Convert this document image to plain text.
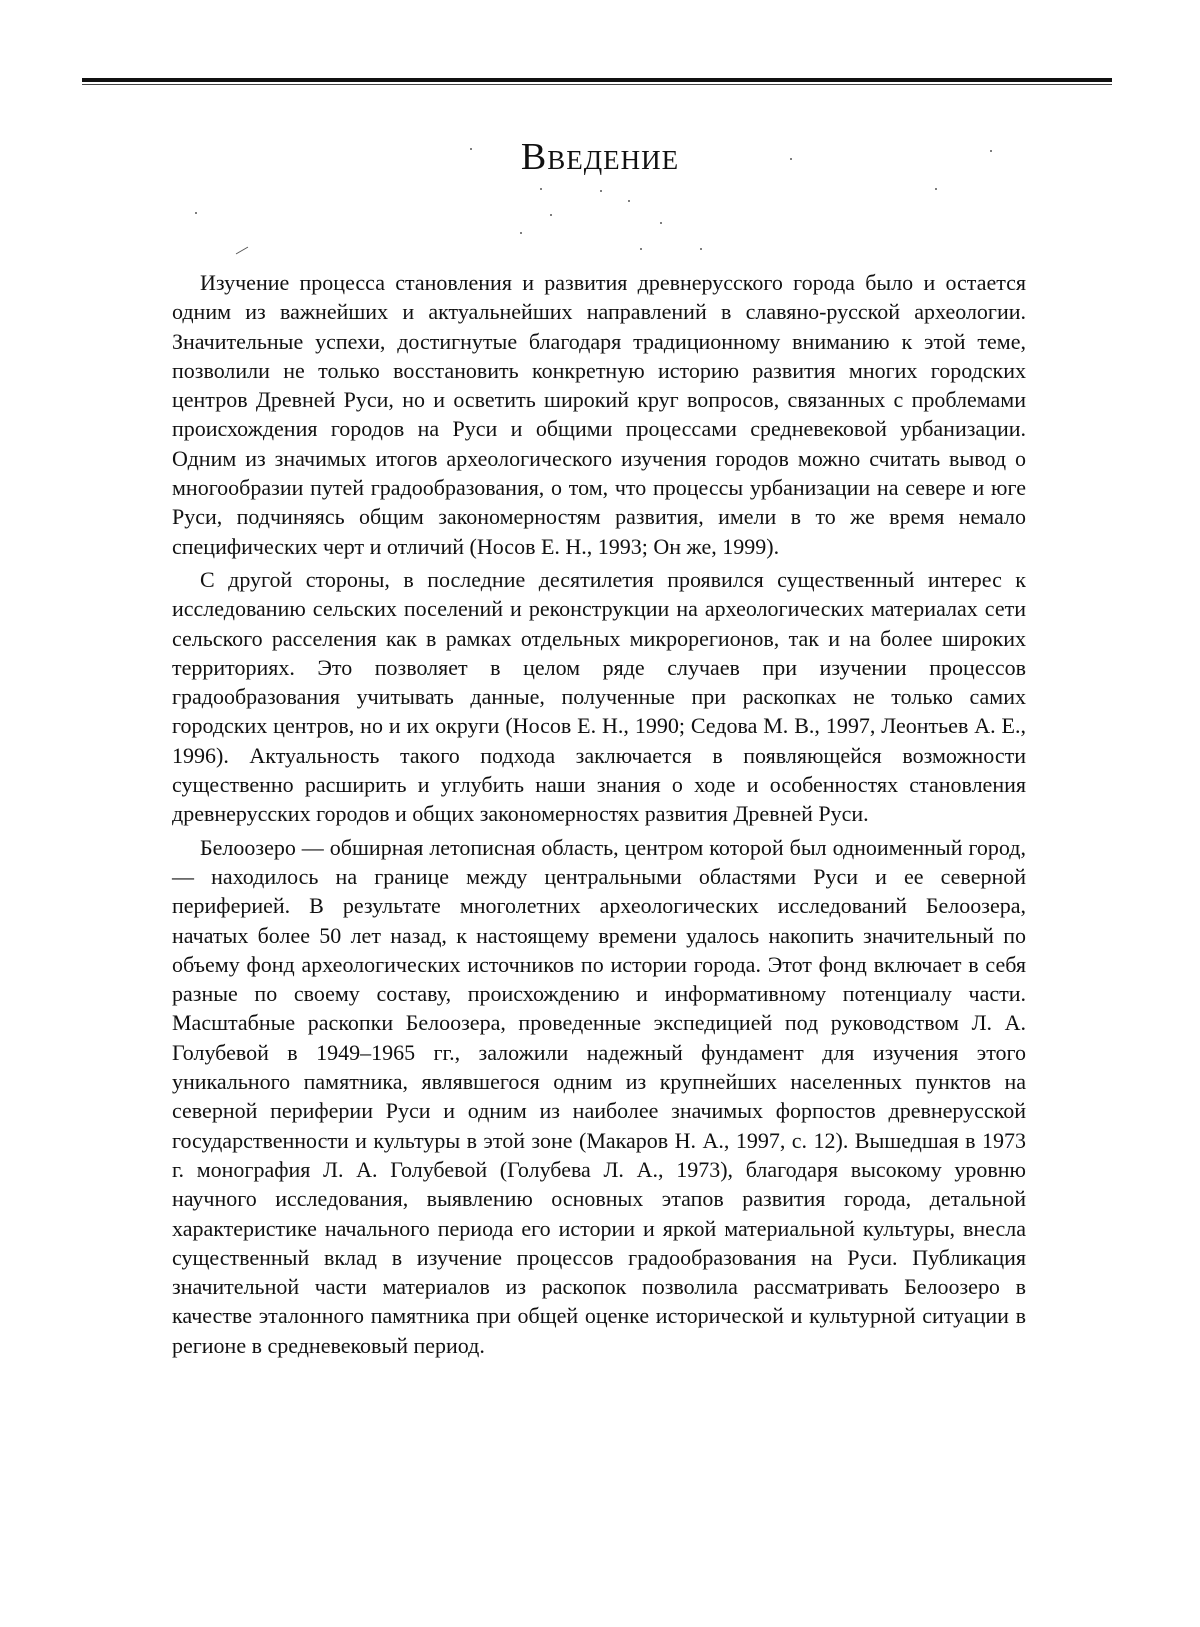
Введение

Изучение процесса становления и развития древнерусского города было и остается одним из важнейших и актуальнейших направлений в славяно-русской археологии. Значительные успехи, достигнутые благодаря традиционному вниманию к этой теме, позволили не только восстановить конкретную историю развития многих городских центров Древней Руси, но и осветить широкий круг вопросов, связанных с проблемами происхождения городов на Руси и общими процессами средневековой урбанизации. Одним из значимых итогов археологического изучения городов можно считать вывод о многообразии путей градообразования, о том, что процессы урбанизации на севере и юге Руси, подчиняясь общим закономерностям развития, имели в то же время немало специфических черт и отличий (Носов Е. Н., 1993; Он же, 1999).

С другой стороны, в последние десятилетия проявился существенный интерес к исследованию сельских поселений и реконструкции на археологических материалах сети сельского расселения как в рамках отдельных микрорегионов, так и на более широких территориях. Это позволяет в целом ряде случаев при изучении процессов градообразования учитывать данные, полученные при раскопках не только самих городских центров, но и их округи (Носов Е. Н., 1990; Седова М. В., 1997, Леонтьев А. Е., 1996). Актуальность такого подхода заключается в появляющейся возможности существенно расширить и углубить наши знания о ходе и особенностях становления древнерусских городов и общих закономерностях развития Древней Руси.

Белоозеро — обширная летописная область, центром которой был одноименный город, — находилось на границе между центральными областями Руси и ее северной периферией. В результате многолетних археологических исследований Белоозера, начатых более 50 лет назад, к настоящему времени удалось накопить значительный по объему фонд археологических источников по истории города. Этот фонд включает в себя разные по своему составу, происхождению и информативному потенциалу части. Масштабные раскопки Белоозера, проведенные экспедицией под руководством Л. А. Голубевой в 1949–1965 гг., заложили надежный фундамент для изучения этого уникального памятника, являвшегося одним из крупнейших населенных пунктов на северной периферии Руси и одним из наиболее значимых форпостов древнерусской государственности и культуры в этой зоне (Макаров Н. А., 1997, с. 12). Вышедшая в 1973 г. монография Л. А. Голубевой (Голубева Л. А., 1973), благодаря высокому уровню научного исследования, выявлению основных этапов развития города, детальной характеристике начального периода его истории и яркой материальной культуры, внесла существенный вклад в изучение процессов градообразования на Руси. Публикация значительной части материалов из раскопок позволила рассматривать Белоозеро в качестве эталонного памятника при общей оценке исторической и культурной ситуации в регионе в средневековый период.
